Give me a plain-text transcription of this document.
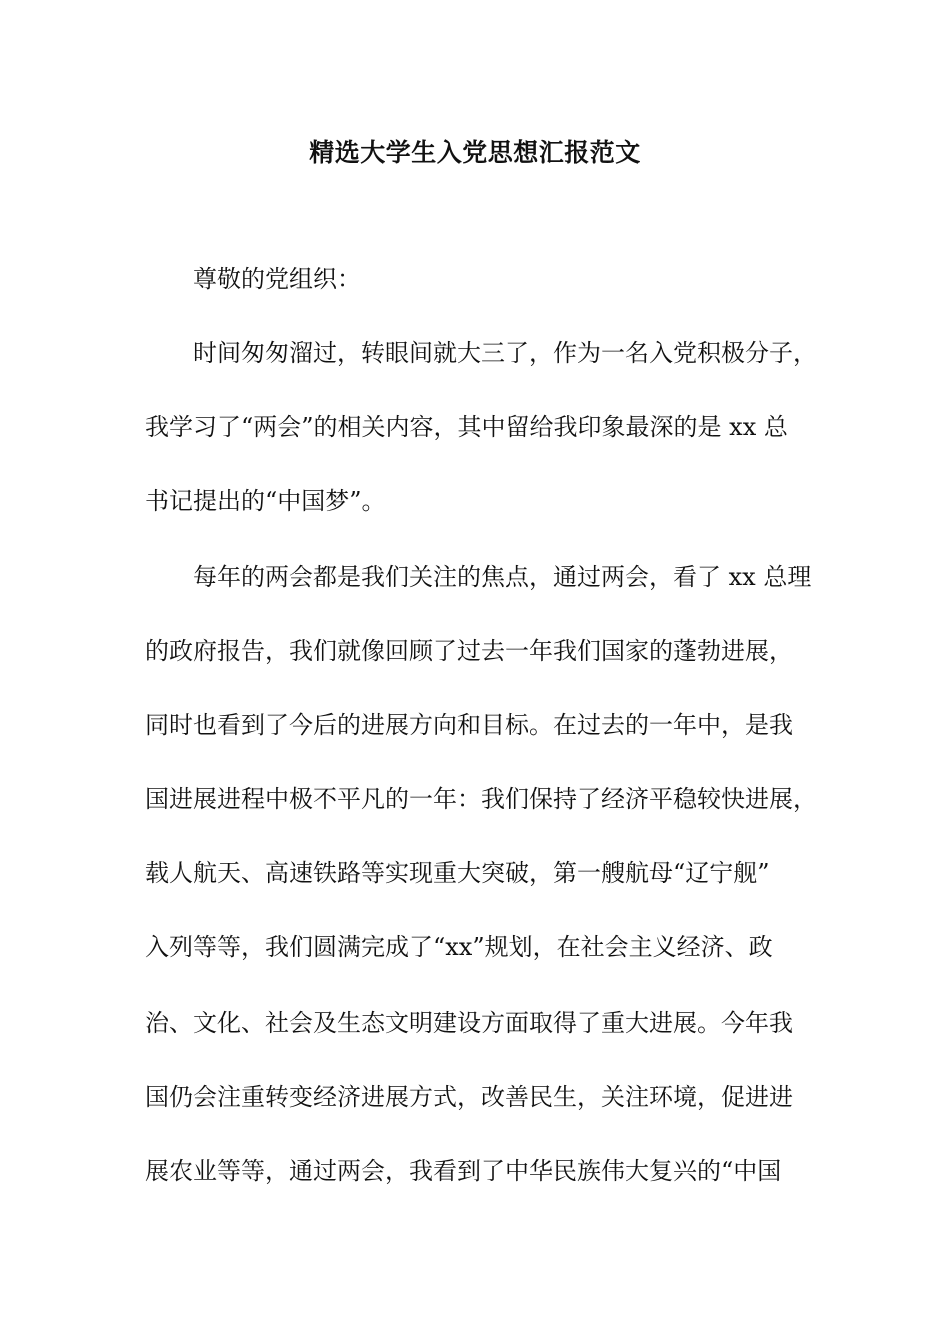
精选大学生入党思想汇报范文

尊敬的党组织：

时间匆匆溜过，转眼间就大三了，作为一名入党积极分子，

我学习了“两会”的相关内容，其中留给我印象最深的是 xx 总

书记提出的“中国梦”。

每年的两会都是我们关注的焦点，通过两会，看了 xx 总理

的政府报告，我们就像回顾了过去一年我们国家的蓬勃进展，

同时也看到了今后的进展方向和目标。在过去的一年中，是我

国进展进程中极不平凡的一年：我们保持了经济平稳较快进展，

载人航天、高速铁路等实现重大突破，第一艘航母“辽宁舰”

入列等等，我们圆满完成了“xx”规划，在社会主义经济、政

治、文化、社会及生态文明建设方面取得了重大进展。今年我

国仍会注重转变经济进展方式，改善民生，关注环境，促进进

展农业等等，通过两会，我看到了中华民族伟大复兴的“中国
